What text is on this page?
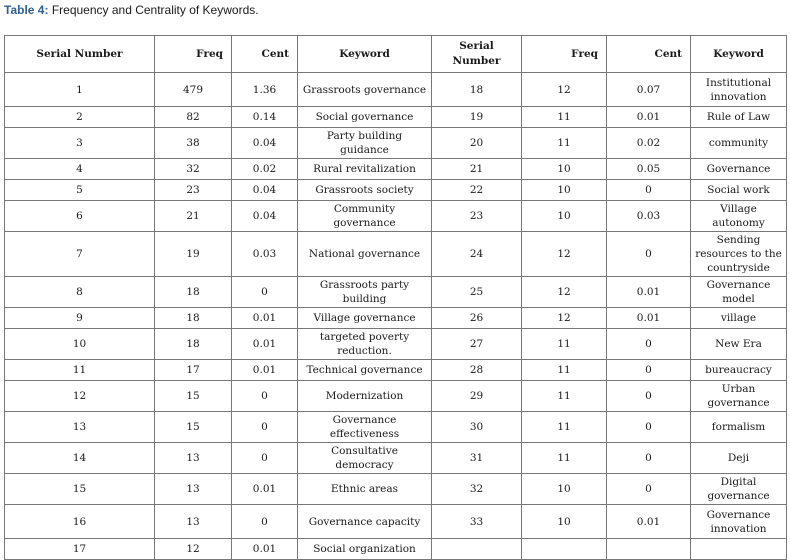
Table 4: Frequency and Centrality of Keywords.
Serial Number	Freq	Cent	Keyword	Serial Number	Freq	Cent	Keyword
1	479	1.36	Grassroots governance	18	12	0.07	Institutional innovation
2	82	0.14	Social governance	19	11	0.01	Rule of Law
3	38	0.04	Party building guidance	20	11	0.02	community
4	32	0.02	Rural revitalization	21	10	0.05	Governance
5	23	0.04	Grassroots society	22	10	0	Social work
6	21	0.04	Community governance	23	10	0.03	Village autonomy
7	19	0.03	National governance	24	12	0	Sending resources to the countryside
8	18	0	Grassroots party building	25	12	0.01	Governance model
9	18	0.01	Village governance	26	12	0.01	village
10	18	0.01	targeted poverty reduction.	27	11	0	New Era
11	17	0.01	Technical governance	28	11	0	bureaucracy
12	15	0	Modernization	29	11	0	Urban governance
13	15	0	Governance effectiveness	30	11	0	formalism
14	13	0	Consultative democracy	31	11	0	Deji
15	13	0.01	Ethnic areas	32	10	0	Digital governance
16	13	0	Governance capacity	33	10	0.01	Governance innovation
17	12	0.01	Social organization				
